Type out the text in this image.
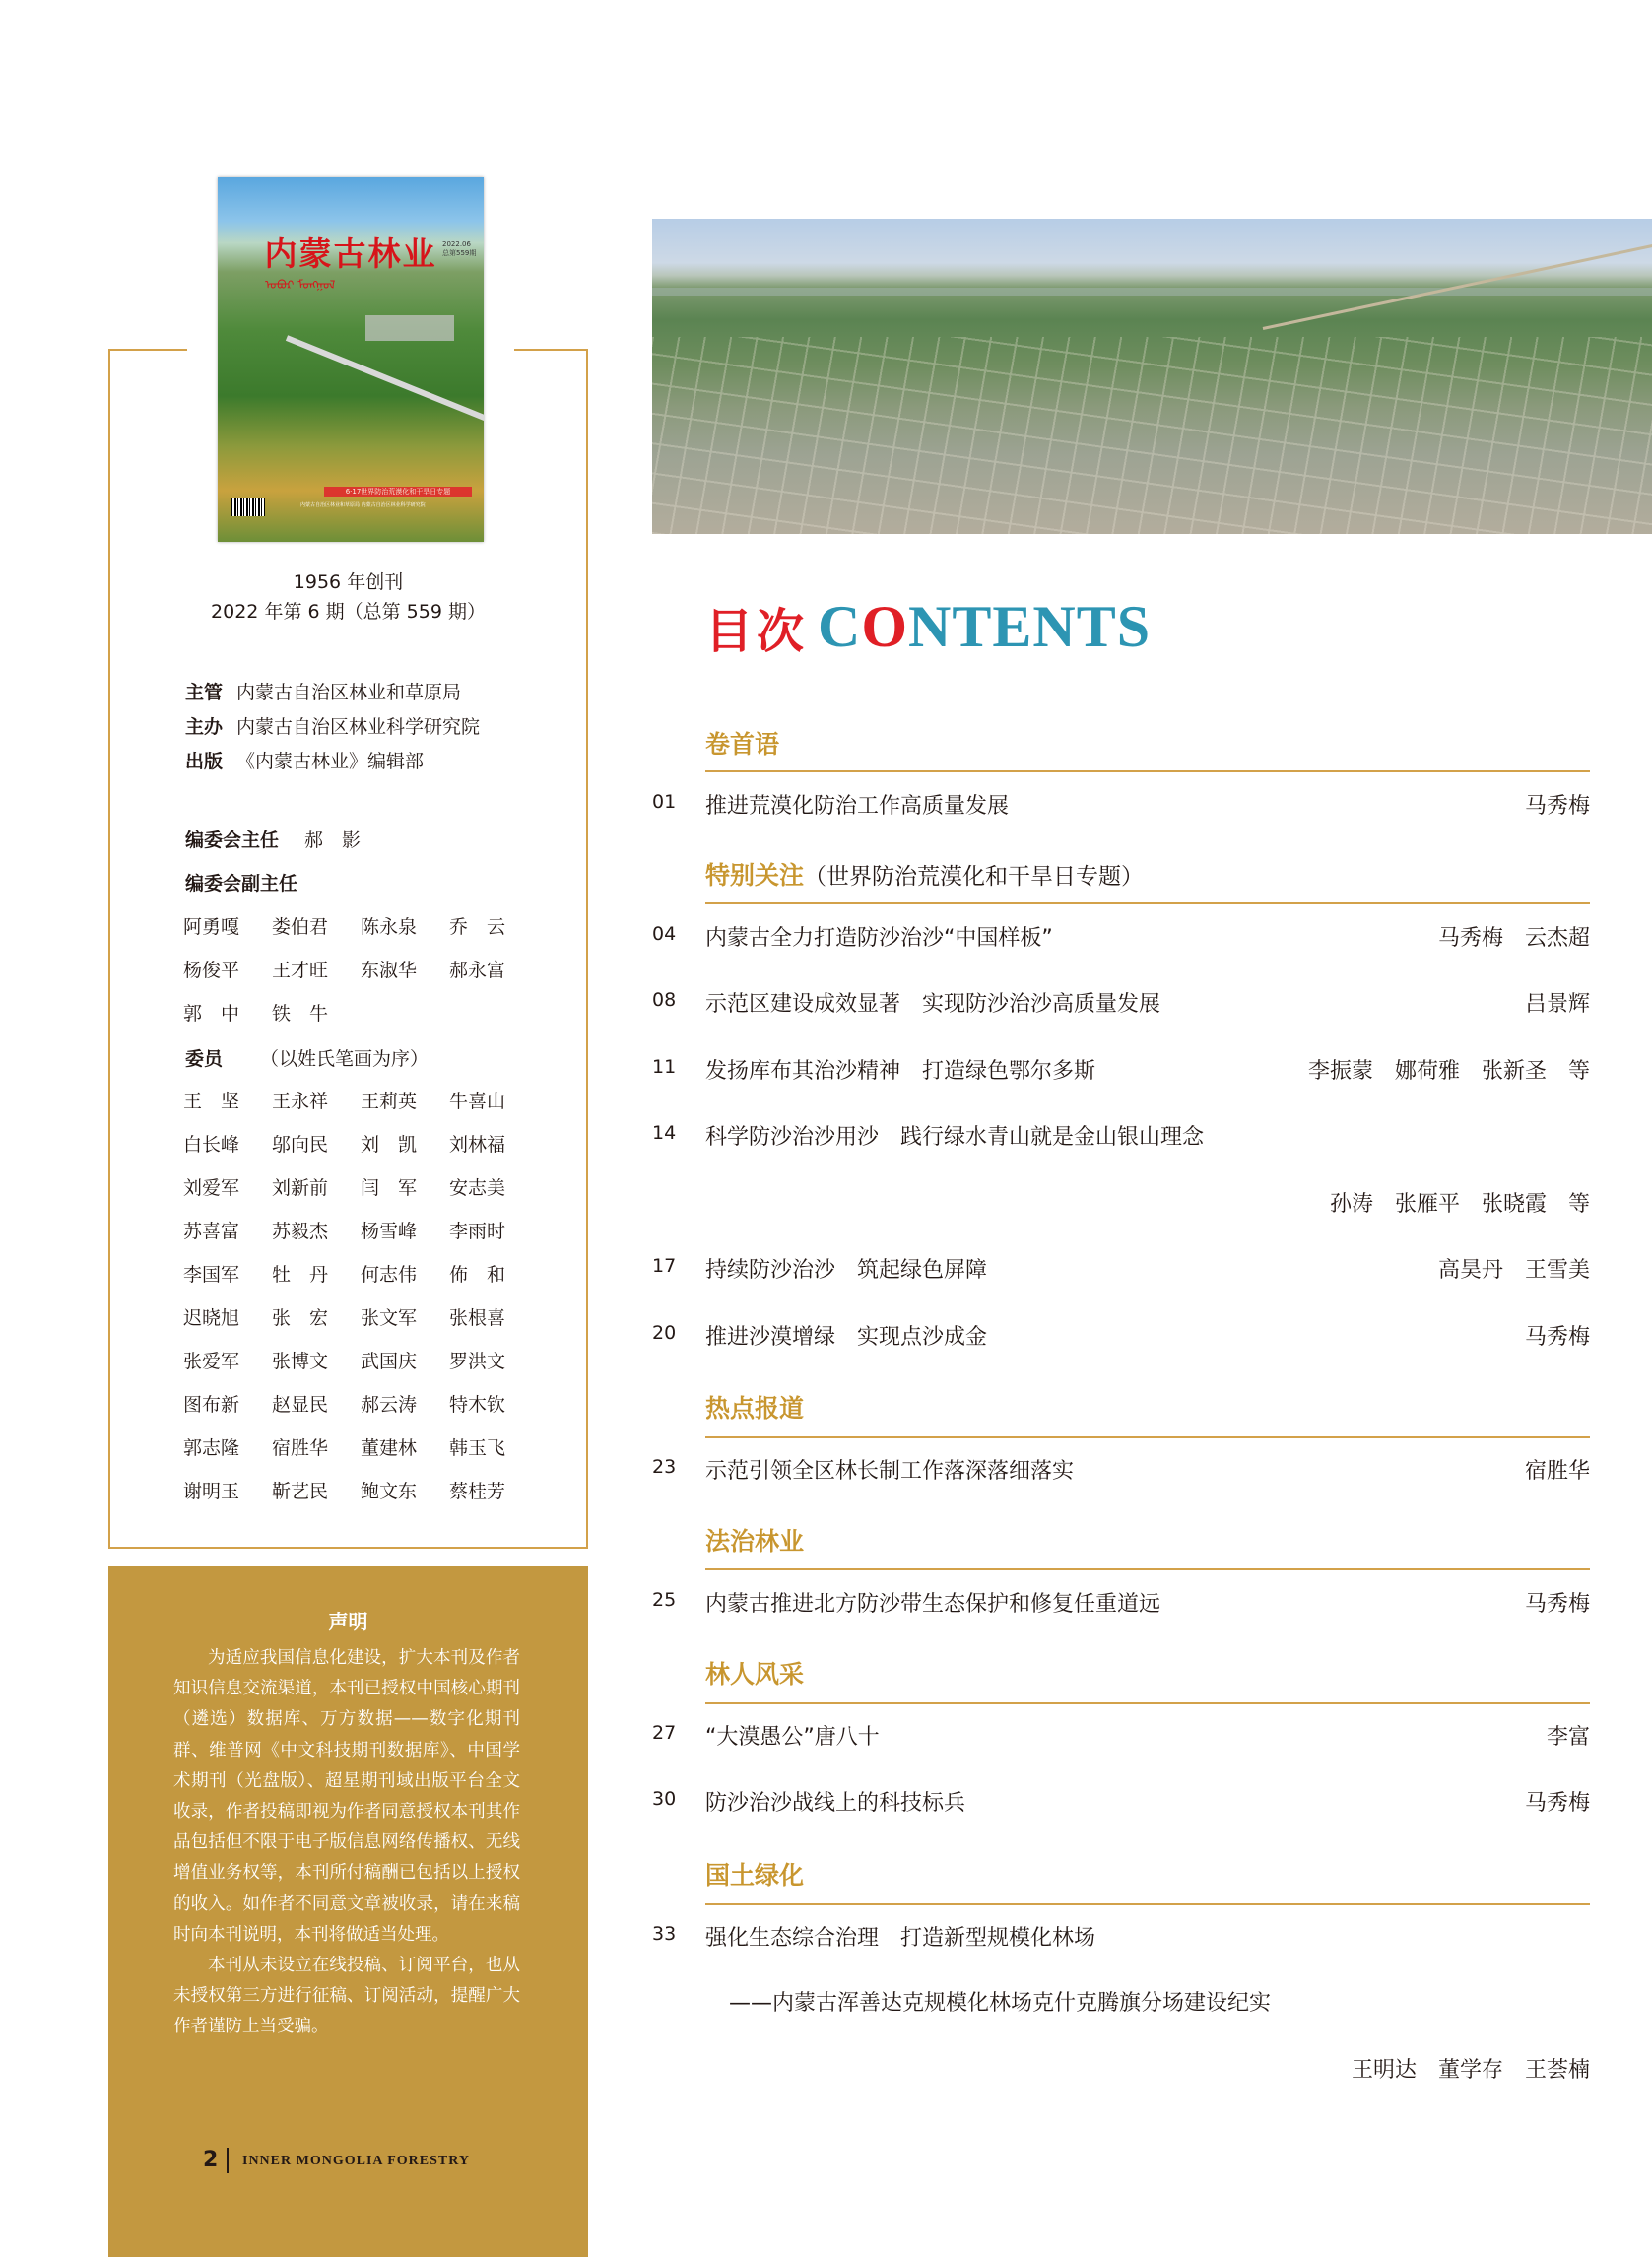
内蒙古林业
ᠣᠪᠣᠷ ᠮᠣᠩᠭᠣᠯ
2022.06
总第559期
6·17世界防治荒漠化和干旱日专题
内蒙古自治区林业和草原局 内蒙古自治区林业科学研究院
1956 年创刊
2022 年第 6 期（总第 559 期）
主管 内蒙古自治区林业和草原局
主办 内蒙古自治区林业科学研究院
出版 《内蒙古林业》编辑部
编委会主任 郝　影
编委会副主任
阿勇嘎	娄伯君	陈永泉	乔　云
杨俊平	王才旺	东淑华	郝永富
郭　中	铁　牛
委员 （以姓氏笔画为序）
王　坚	王永祥	王莉英	牛喜山
白长峰	邬向民	刘　凯	刘林福
刘爱军	刘新前	闫　军	安志美
苏喜富	苏毅杰	杨雪峰	李雨时
李国军	牡　丹	何志伟	佈　和
迟晓旭	张　宏	张文军	张根喜
张爱军	张博文	武国庆	罗洪文
图布新	赵显民	郝云涛	特木钦
郭志隆	宿胜华	董建林	韩玉飞
谢明玉	靳艺民	鲍文东	蔡桂芳
声明

为适应我国信息化建设，扩大本刊及作者知识信息交流渠道，本刊已授权中国核心期刊（遴选）数据库、万方数据——数字化期刊群、维普网《中文科技期刊数据库》、中国学术期刊（光盘版）、超星期刊域出版平台全文收录，作者投稿即视为作者同意授权本刊其作品包括但不限于电子版信息网络传播权、无线增值业务权等，本刊所付稿酬已包括以上授权的收入。如作者不同意文章被收录，请在来稿时向本刊说明，本刊将做适当处理。

本刊从未设立在线投稿、订阅平台，也从未授权第三方进行征稿、订阅活动，提醒广大作者谨防上当受骗。

2 INNER MONGOLIA FORESTRY
目次 CONTENTS
卷首语
01 推进荒漠化防治工作高质量发展	马秀梅
特别关注（世界防治荒漠化和干旱日专题）
04 内蒙古全力打造防沙治沙“中国样板”	马秀梅　云杰超
08 示范区建设成效显著　实现防沙治沙高质量发展	吕景辉
11 发扬库布其治沙精神　打造绿色鄂尔多斯	李振蒙　娜荷雅　张新圣　等
14 科学防沙治沙用沙　践行绿水青山就是金山银山理念
孙涛　张雁平　张晓霞　等
17 持续防沙治沙　筑起绿色屏障	高昊丹　王雪美
20 推进沙漠增绿　实现点沙成金	马秀梅
热点报道
23 示范引领全区林长制工作落深落细落实	宿胜华
法治林业
25 内蒙古推进北方防沙带生态保护和修复任重道远	马秀梅
林人风采
27 “大漠愚公”唐八十	李富
30 防沙治沙战线上的科技标兵	马秀梅
国土绿化
33 强化生态综合治理　打造新型规模化林场
——内蒙古浑善达克规模化林场克什克腾旗分场建设纪实
王明达　董学存　王荟楠
